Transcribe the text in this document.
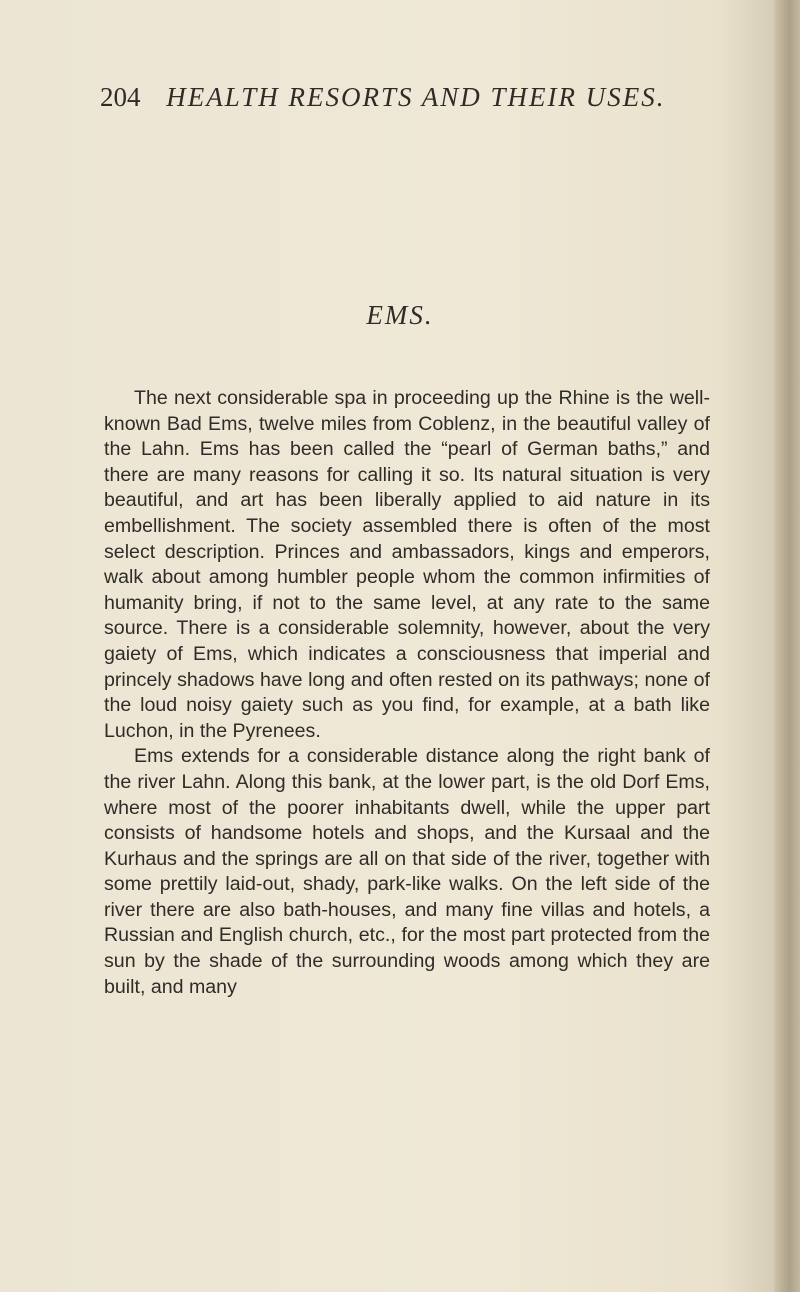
204 HEALTH RESORTS AND THEIR USES.
EMS.

The next considerable spa in proceeding up the Rhine is the well-known Bad Ems, twelve miles from Coblenz, in the beautiful valley of the Lahn. Ems has been called the “pearl of German baths,” and there are many reasons for calling it so. Its natural situation is very beautiful, and art has been liberally applied to aid nature in its embellishment. The society assembled there is often of the most select description. Princes and ambassadors, kings and emperors, walk about among humbler people whom the common infirmities of humanity bring, if not to the same level, at any rate to the same source. There is a considerable solemnity, however, about the very gaiety of Ems, which indicates a consciousness that imperial and princely shadows have long and often rested on its pathways; none of the loud noisy gaiety such as you find, for example, at a bath like Luchon, in the Pyrenees.

Ems extends for a considerable distance along the right bank of the river Lahn. Along this bank, at the lower part, is the old Dorf Ems, where most of the poorer inhabitants dwell, while the upper part consists of handsome hotels and shops, and the Kursaal and the Kurhaus and the springs are all on that side of the river, together with some prettily laid-out, shady, park-like walks. On the left side of the river there are also bath-houses, and many fine villas and hotels, a Russian and English church, etc., for the most part protected from the sun by the shade of the surrounding woods among which they are built, and many
